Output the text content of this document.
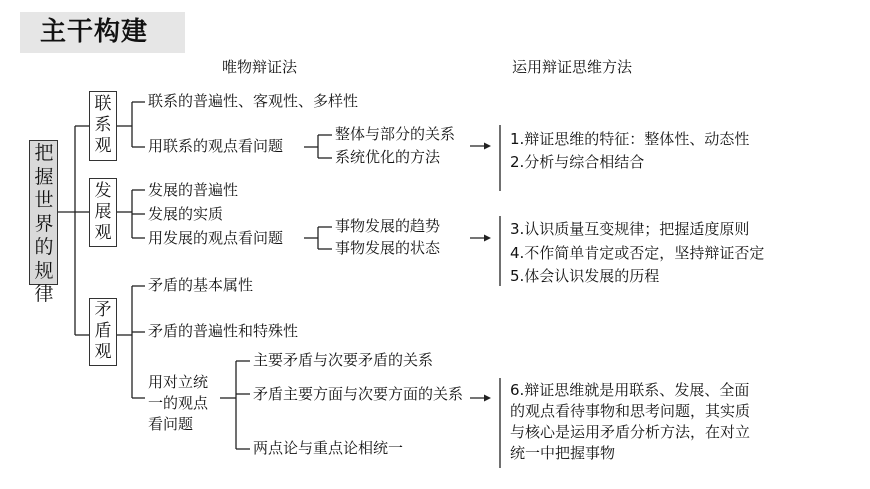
主干构建
唯物辩证法	运用辩证思维方法
把握世界的规律
联系观
发展观
矛盾观
联系的普遍性、客观性、多样性
用联系的观点看问题
整体与部分的关系
系统优化的方法
1.辩证思维的特征：整体性、动态性
2.分析与综合相结合
发展的普遍性
发展的实质
用发展的观点看问题
事物发展的趋势
事物发展的状态
3.认识质量互变规律；把握适度原则
4.不作简单肯定或否定，坚持辩证否定
5.体会认识发展的历程
矛盾的基本属性
矛盾的普遍性和特殊性
用对立统一的观点看问题
主要矛盾与次要矛盾的关系
矛盾主要方面与次要方面的关系
两点论与重点论相统一
6.辩证思维就是用联系、发展、全面的观点看待事物和思考问题，其实质与核心是运用矛盾分析方法，在对立统一中把握事物
